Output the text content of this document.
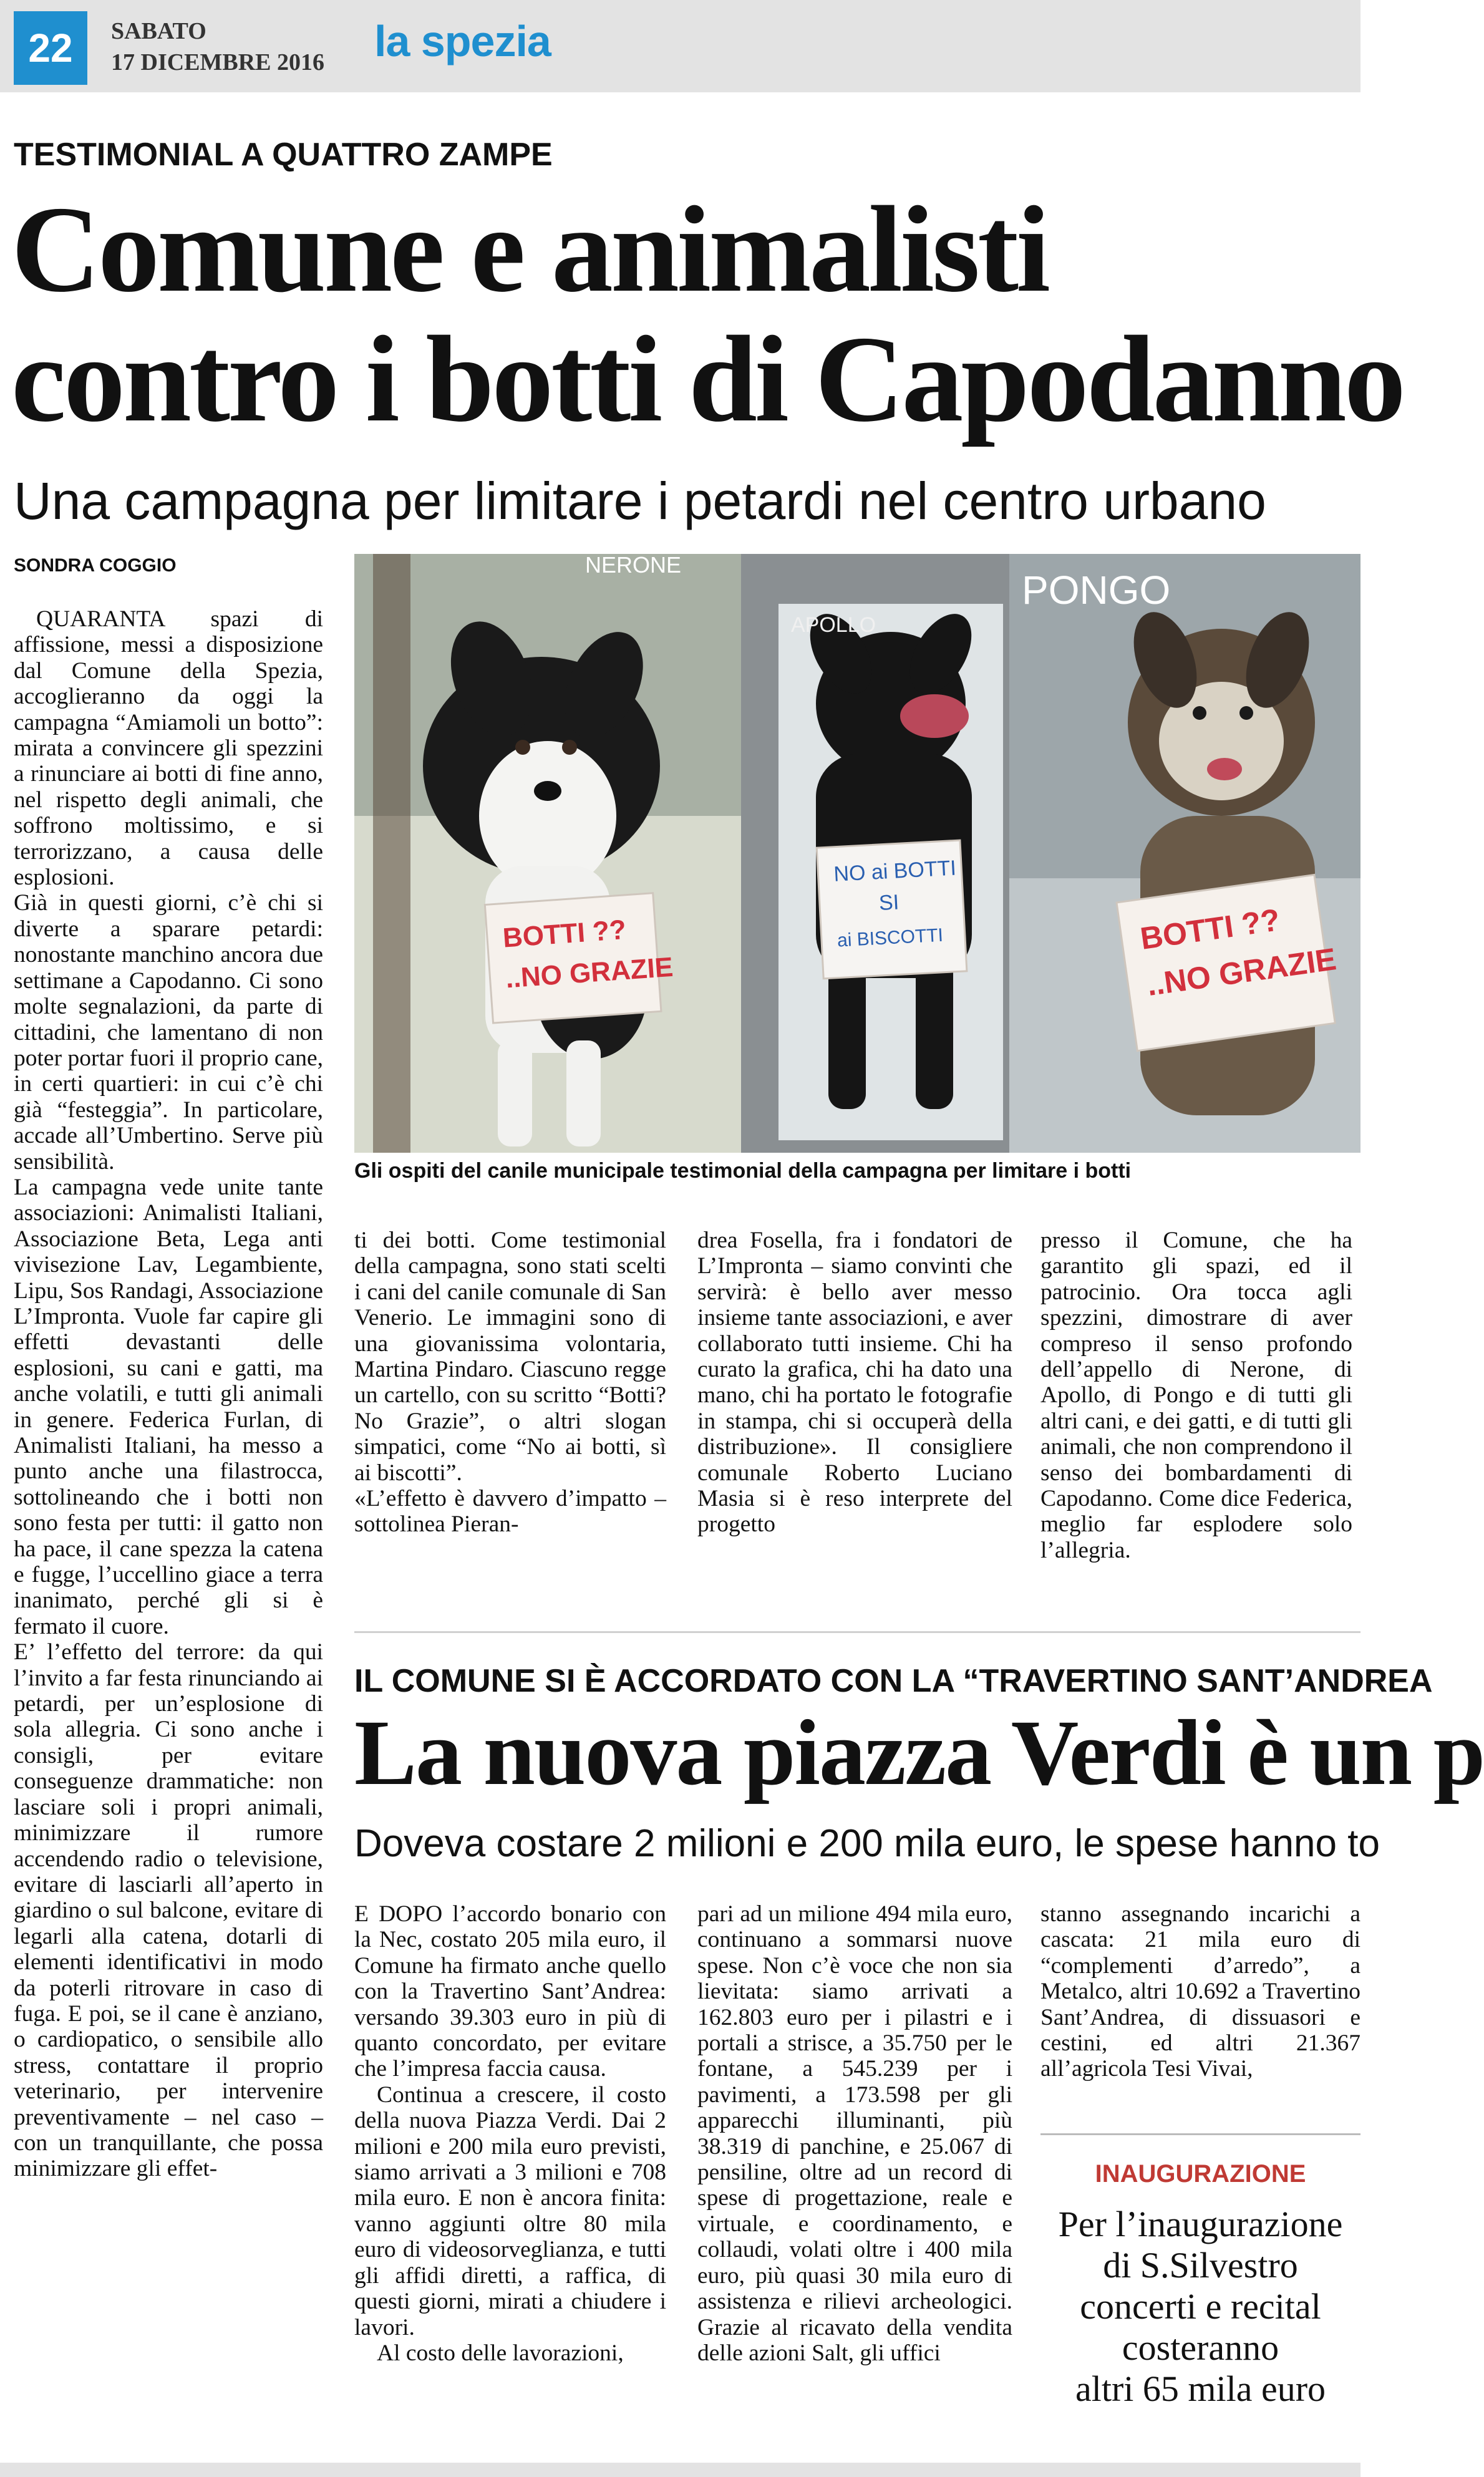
22	SABATO
17 DICEMBRE 2016 la spezia
TESTIMONIAL A QUATTRO ZAMPE
Comune e animalisti
contro i botti di Capodanno
Una campagna per limitare i petardi nel centro urbano
SONDRA COGGIO

QUARANTA spazi di affissione, messi a disposizione dal Comune della Spezia, accoglieranno da oggi la campagna “Amiamoli un botto”: mirata a convincere gli spezzini a rinunciare ai botti di fine anno, nel rispetto degli animali, che soffrono moltissimo, e si terrorizzano, a causa delle esplosioni.

Già in questi giorni, c’è chi si diverte a sparare petardi: nonostante manchino ancora due settimane a Capodanno. Ci sono molte segnalazioni, da parte di cittadini, che lamentano di non poter portar fuori il proprio cane, in certi quartieri: in cui c’è chi già “festeggia”. In particolare, accade all’Umbertino. Serve più sensibilità.

La campagna vede unite tante associazioni: Animalisti Italiani, Associazione Beta, Lega anti vivisezione Lav, Legambiente, Lipu, Sos Randagi, Associazione L’Impronta. Vuole far capire gli effetti devastanti delle esplosioni, su cani e gatti, ma anche volatili, e tutti gli animali in genere. Federica Furlan, di Animalisti Italiani, ha messo a punto anche una filastrocca, sottolineando che i botti non sono festa per tutti: il gatto non ha pace, il cane spezza la catena e fugge, l’uccellino giace a terra inanimato, perché gli si è fermato il cuore.

E’ l’effetto del terrore: da qui l’invito a far festa rinunciando ai petardi, per un’esplosione di sola allegria. Ci sono anche i consigli, per evitare conseguenze drammatiche: non lasciare soli i propri animali, minimizzare il rumore accendendo radio o televisione, evitare di lasciarli all’aperto in giardino o sul balcone, evitare di legarli alla catena, dotarli di elementi identificativi in modo da poterli ritrovare in caso di fuga. E poi, se il cane è anziano, o cardiopatico, o sensibile allo stress, contattare il proprio veterinario, per intervenire preventivamente – nel caso – con un tranquillante, che possa minimizzare gli effet-

BOTTI ??
..NO GRAZIE
NERONE
NO ai BOTTI
SI
ai BISCOTTI
APOLLO
BOTTI ??
..NO GRAZIE
PONGO
Gli ospiti del canile municipale testimonial della campagna per limitare i botti

ti dei botti. Come testimonial della campagna, sono stati scelti i cani del canile comunale di San Venerio. Le immagini sono di una giovanissima volontaria, Martina Pindaro. Ciascuno regge un cartello, con su scritto “Botti? No Grazie”, o altri slogan simpatici, come “No ai botti, sì ai biscotti”.

«L’effetto è davvero d’impatto – sottolinea Pieran-

drea Fosella, fra i fondatori de L’Impronta – siamo convinti che servirà: è bello aver messo insieme tante associazioni, e aver collaborato tutti insieme. Chi ha curato la grafica, chi ha dato una mano, chi ha portato le fotografie in stampa, chi si occuperà della distribuzione». Il consigliere comunale Roberto Luciano Masia si è reso interprete del progetto

presso il Comune, che ha garantito gli spazi, ed il patrocinio. Ora tocca agli spezzini, dimostrare di aver compreso il senso profondo dell’appello di Nerone, di Apollo, di Pongo e di tutti gli altri cani, e dei gatti, e di tutti gli animali, che non comprendono il senso dei bombardamenti di Capodanno. Come dice Federica, meglio far esplodere solo l’allegria.

IL COMUNE SI È ACCORDATO CON LA “TRAVERTINO SANT’ANDREA
La nuova piazza Verdi è un p
Doveva costare 2 milioni e 200 mila euro, le spese hanno to

E DOPO l’accordo bonario con la Nec, costato 205 mila euro, il Comune ha firmato anche quello con la Travertino Sant’Andrea: versando 39.303 euro in più di quanto concordato, per evitare che l’impresa faccia causa.

Continua a crescere, il costo della nuova Piazza Verdi. Dai 2 milioni e 200 mila euro previsti, siamo arrivati a 3 milioni e 708 mila euro. E non è ancora finita: vanno aggiunti oltre 80 mila euro di videosorveglianza, e tutti gli affidi diretti, a raffica, di questi giorni, mirati a chiudere i lavori.

Al costo delle lavorazioni,

pari ad un milione 494 mila euro, continuano a sommarsi nuove spese. Non c’è voce che non sia lievitata: siamo arrivati a 162.803 euro per i pilastri e i portali a strisce, a 35.750 per le fontane, a 545.239 per i pavimenti, a 173.598 per gli apparecchi illuminanti, più 38.319 di panchine, e 25.067 di pensiline, oltre ad un record di spese di progettazione, reale e virtuale, e coordinamento, e collaudi, volati oltre i 400 mila euro, più quasi 30 mila euro di assistenza e rilievi archeologici. Grazie al ricavato della vendita delle azioni Salt, gli uffici

stanno assegnando incarichi a cascata: 21 mila euro di “complementi d’arredo”, a Metalco, altri 10.692 a Travertino Sant’Andrea, di dissuasori e cestini, ed altri 21.367 all’agricola Tesi Vivai,

INAUGURAZIONE
Per l’inaugurazione
di S.Silvestro
concerti e recital
costeranno
altri 65 mila euro
